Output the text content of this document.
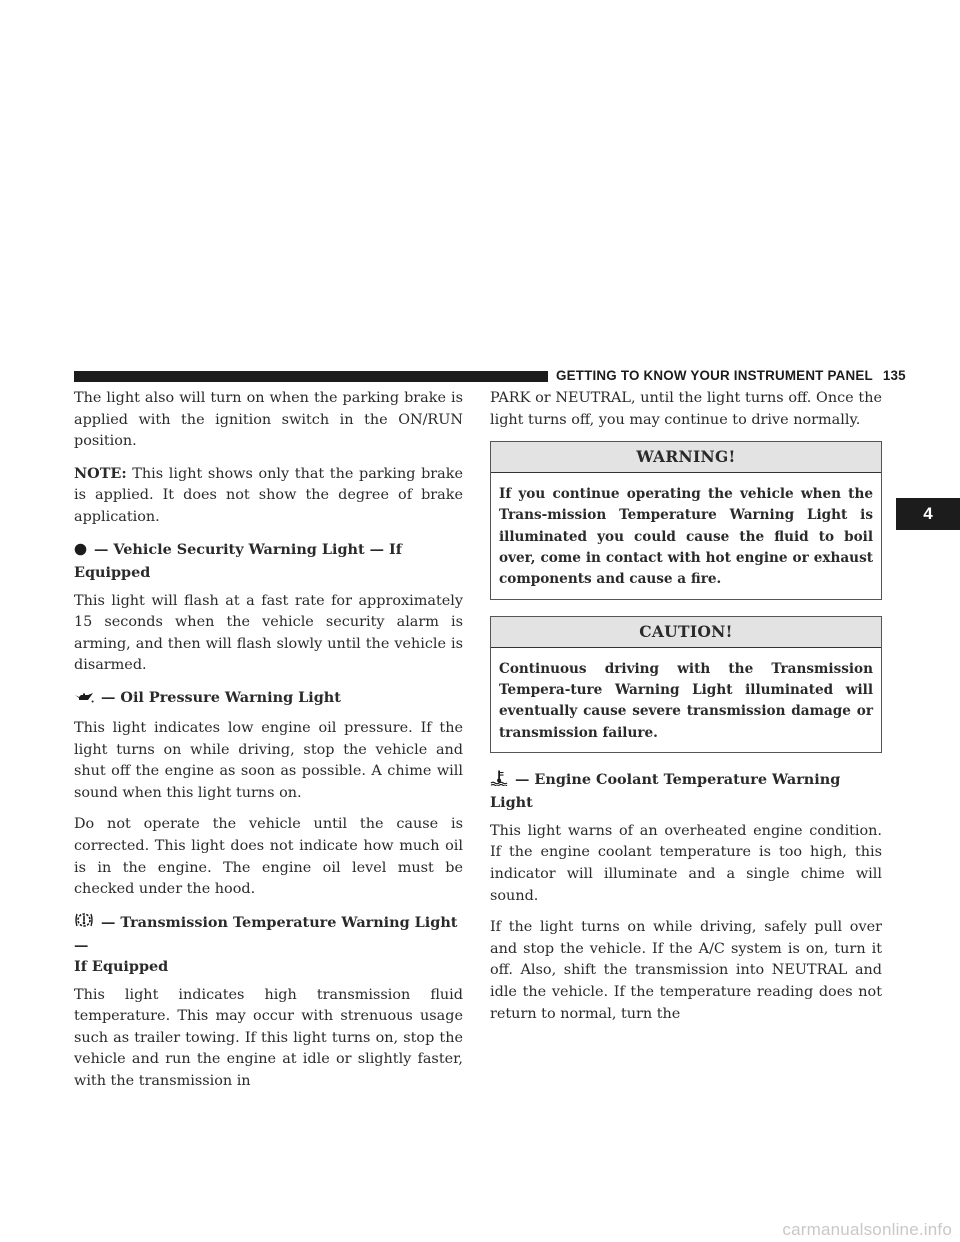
GETTING TO KNOW YOUR INSTRUMENT PANEL 135
4

The light also will turn on when the parking brake is applied with the ignition switch in the ON/RUN position.

NOTE: This light shows only that the parking brake is applied. It does not show the degree of brake application.

— Vehicle Security Warning Light — If Equipped

This light will flash at a fast rate for approximately 15 seconds when the vehicle security alarm is arming, and then will flash slowly until the vehicle is disarmed.

— Oil Pressure Warning Light

This light indicates low engine oil pressure. If the light turns on while driving, stop the vehicle and shut off the engine as soon as possible. A chime will sound when this light turns on.

Do not operate the vehicle until the cause is corrected. This light does not indicate how much oil is in the engine. The engine oil level must be checked under the hood.

— Transmission Temperature Warning Light —
If Equipped

This light indicates high transmission fluid temperature. This may occur with strenuous usage such as trailer towing. If this light turns on, stop the vehicle and run the engine at idle or slightly faster, with the transmission in

PARK or NEUTRAL, until the light turns off. Once the light turns off, you may continue to drive normally.

WARNING!
If you continue operating the vehicle when the Trans-mission Temperature Warning Light is illuminated you could cause the fluid to boil over, come in contact with hot engine or exhaust components and cause a fire.
CAUTION!
Continuous driving with the Transmission Tempera-ture Warning Light illuminated will eventually cause severe transmission damage or transmission failure.
— Engine Coolant Temperature Warning Light

This light warns of an overheated engine condition. If the engine coolant temperature is too high, this indicator will illuminate and a single chime will sound.

If the light turns on while driving, safely pull over and stop the vehicle. If the A/C system is on, turn it off. Also, shift the transmission into NEUTRAL and idle the vehicle. If the temperature reading does not return to normal, turn the

carmanualsonline.info
